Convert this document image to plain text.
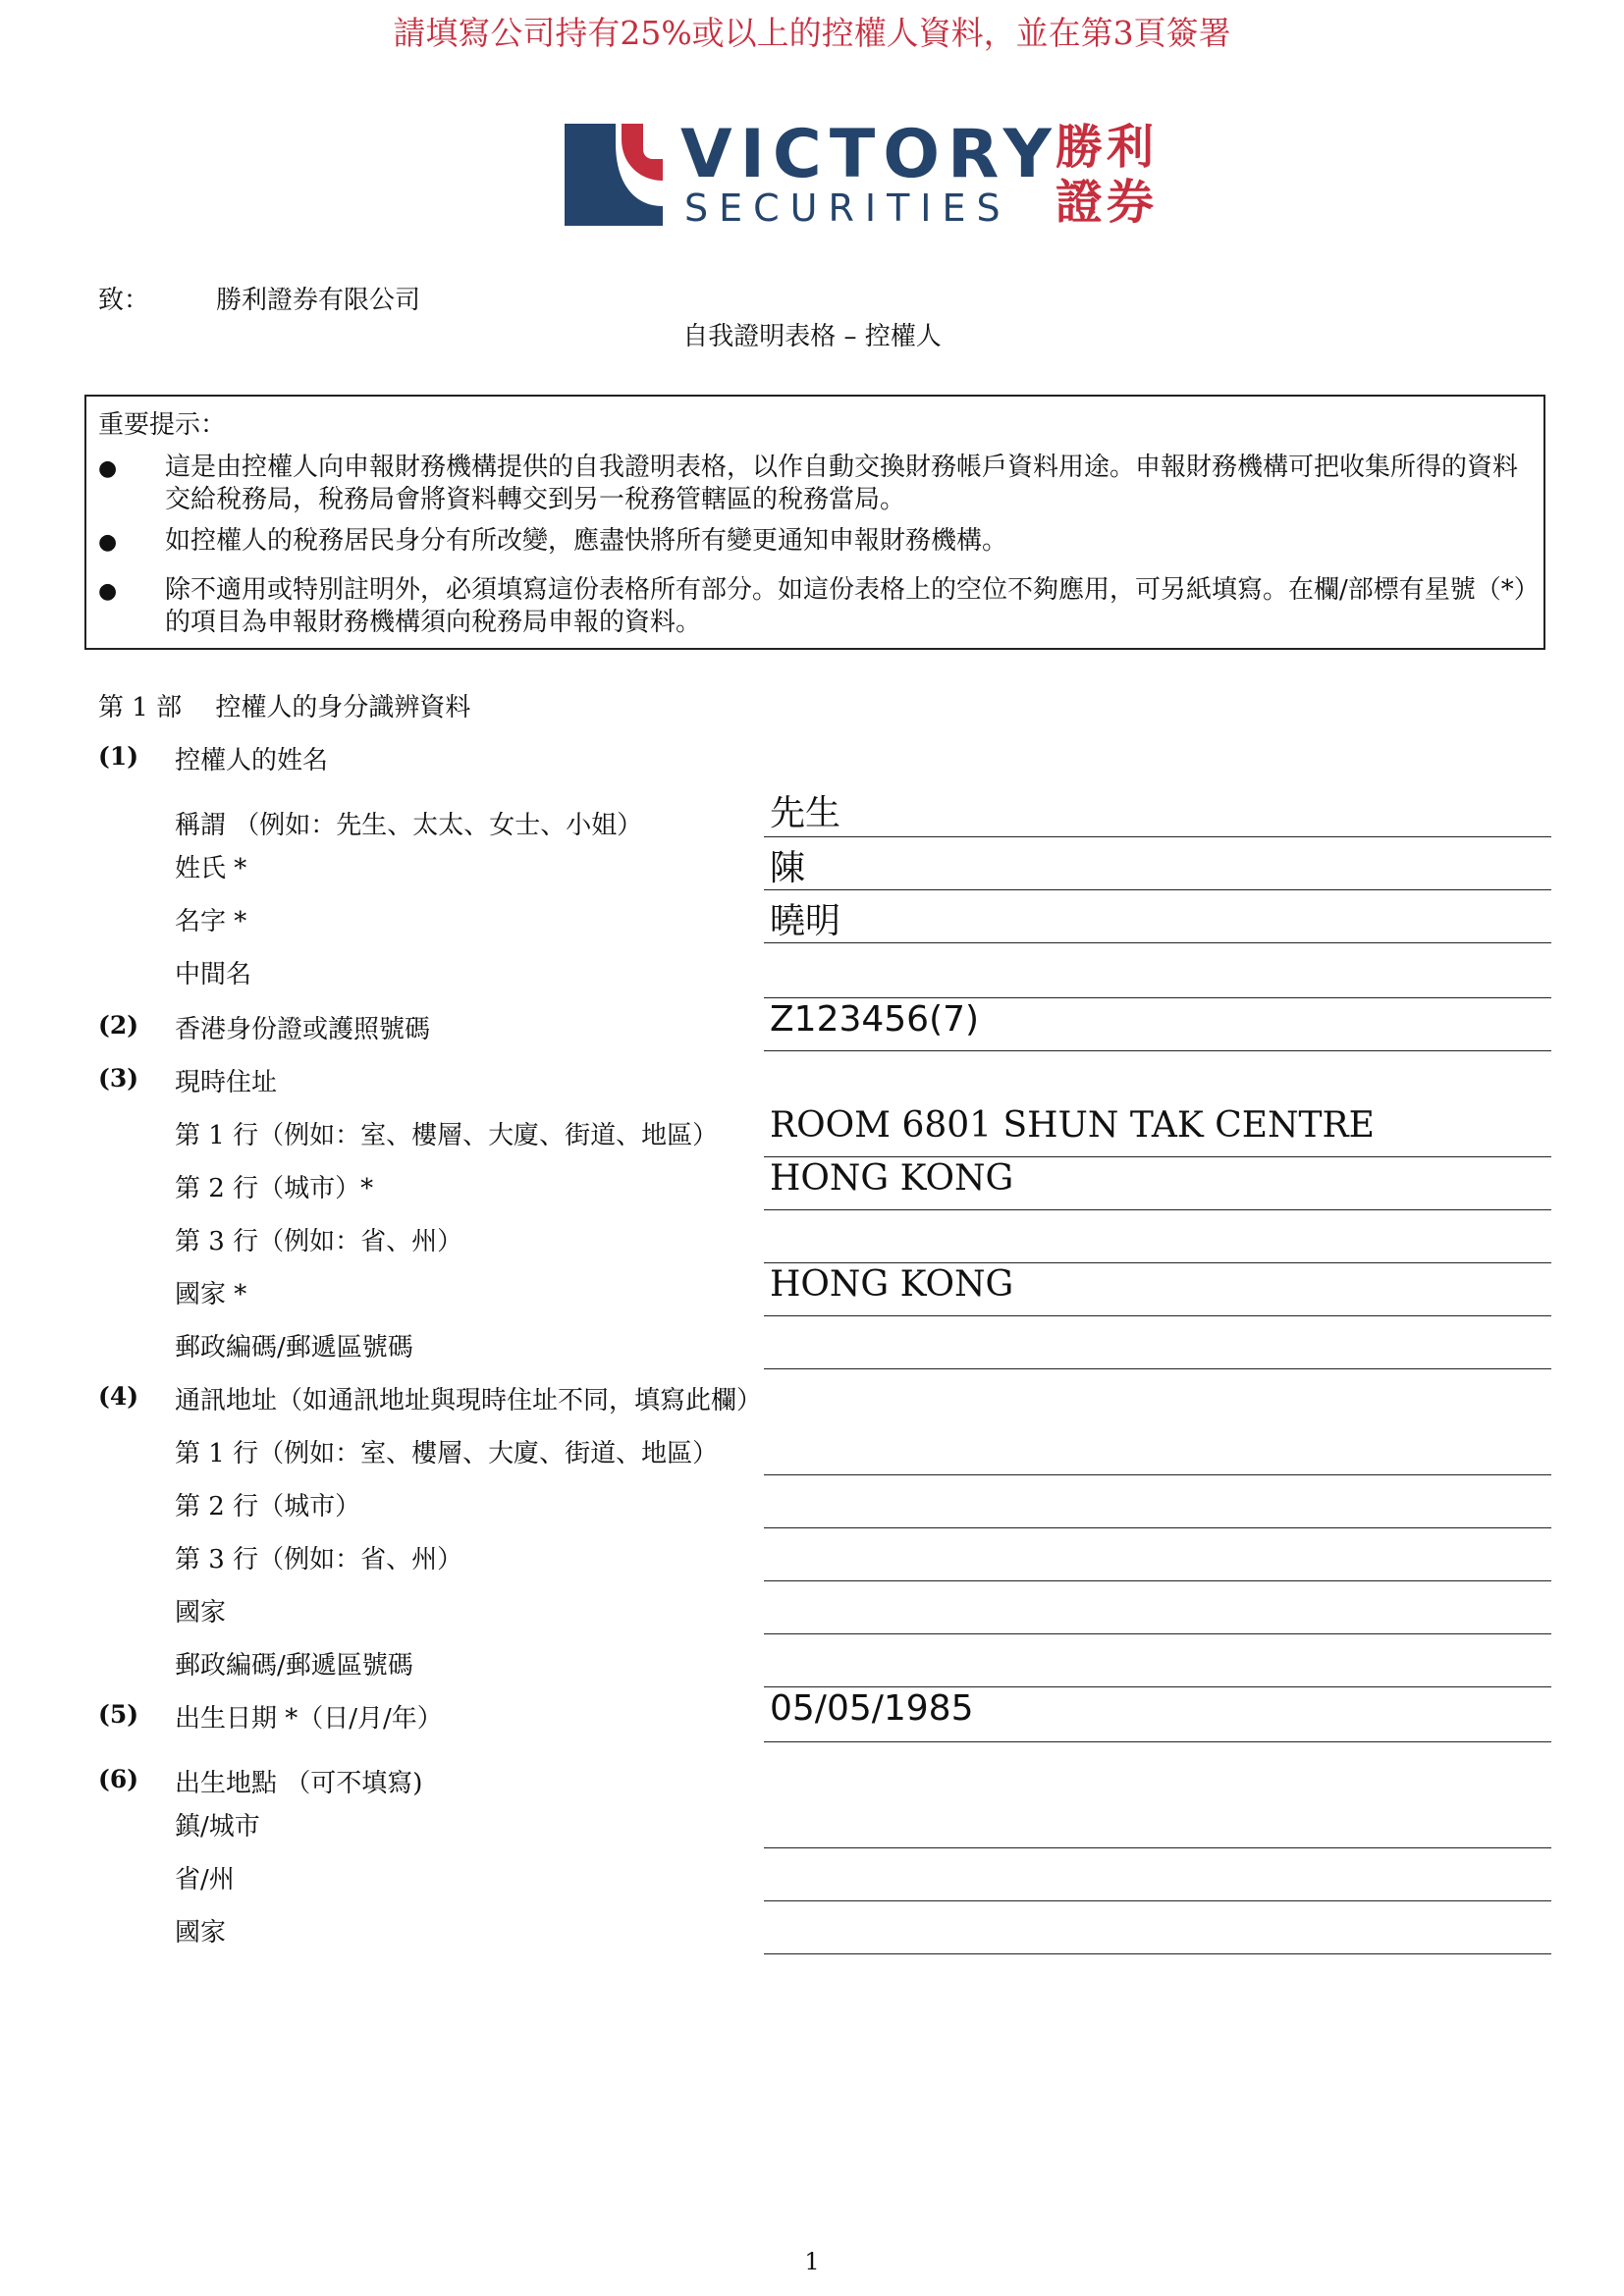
請填寫公司持有25%或以上的控權人資料，並在第3頁簽署
VICTORY
SECURITIES
勝利 證券
致：	勝利證券有限公司
自我證明表格 – 控權人
重要提示：
● 這是由控權人向申報財務機構提供的自我證明表格，以作自動交換財務帳戶資料用途。申報財務機構可把收集所得的資料交給稅務局，稅務局會將資料轉交到另一稅務管轄區的稅務當局。
● 如控權人的稅務居民身分有所改變，應盡快將所有變更通知申報財務機構。
● 除不適用或特別註明外，必須填寫這份表格所有部分。如這份表格上的空位不夠應用，可另紙填寫。在欄/部標有星號（*）的項目為申報財務機構須向稅務局申報的資料。
第 1 部　 控權人的身分識辨資料
(1) 控權人的姓名
稱謂 （例如：先生、太太、女士、小姐）	先生
姓氏 *	陳
名字 *	曉明
中間名
(2) 香港身份證或護照號碼	Z123456(7)
(3) 現時住址
第 1 行（例如：室、樓層、大廈、街道、地區） ROOM 6801 SHUN TAK CENTRE
第 2 行（城市）*	HONG KONG
第 3 行（例如：省、州）
國家 *	HONG KONG
郵政編碼/郵遞區號碼
(4) 通訊地址（如通訊地址與現時住址不同，填寫此欄）
第 1 行（例如：室、樓層、大廈、街道、地區）
第 2 行（城市）
第 3 行（例如：省、州）
國家
郵政編碼/郵遞區號碼
(5) 出生日期 *（日/月/年）	05/05/1985
(6) 出生地點 （可不填寫)
鎮/城市
省/州
國家
1
